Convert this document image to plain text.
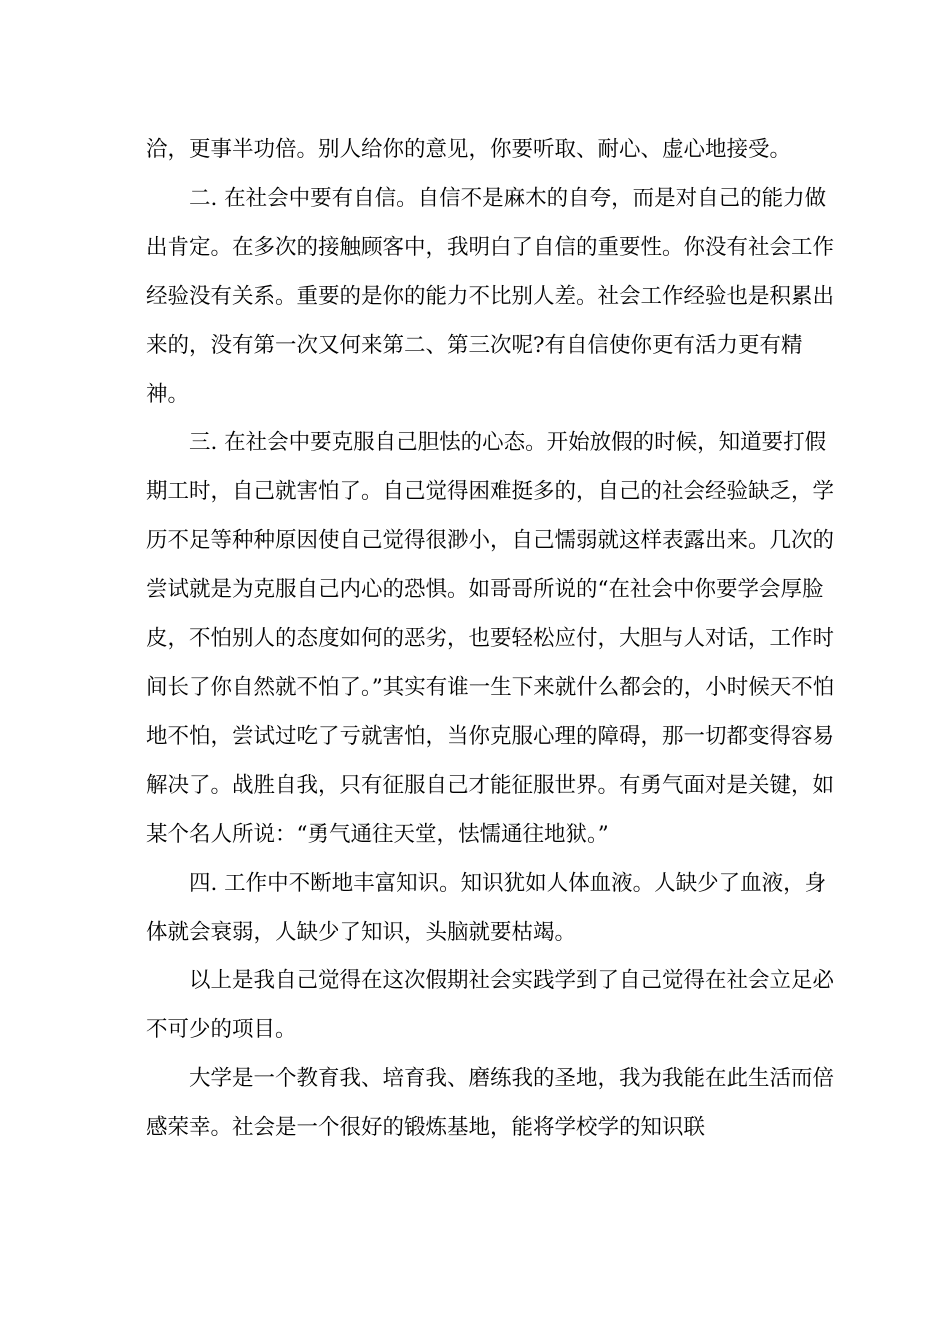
洽，更事半功倍。别人给你的意见，你要听取、耐心、虚心地接受。

二. 在社会中要有自信。自信不是麻木的自夸，而是对自己的能力做出肯定。在多次的接触顾客中，我明白了自信的重要性。你没有社会工作经验没有关系。重要的是你的能力不比别人差。社会工作经验也是积累出来的，没有第一次又何来第二、第三次呢?有自信使你更有活力更有精神。

三. 在社会中要克服自己胆怯的心态。开始放假的时候，知道要打假期工时，自己就害怕了。自己觉得困难挺多的，自己的社会经验缺乏，学历不足等种种原因使自己觉得很渺小，自己懦弱就这样表露出来。几次的尝试就是为克服自己内心的恐惧。如哥哥所说的“在社会中你要学会厚脸皮，不怕别人的态度如何的恶劣，也要轻松应付，大胆与人对话，工作时间长了你自然就不怕了。”其实有谁一生下来就什么都会的，小时候天不怕地不怕，尝试过吃了亏就害怕，当你克服心理的障碍，那一切都变得容易解决了。战胜自我，只有征服自己才能征服世界。有勇气面对是关键，如某个名人所说：“勇气通往天堂，怯懦通往地狱。”

四. 工作中不断地丰富知识。知识犹如人体血液。人缺少了血液，身体就会衰弱，人缺少了知识，头脑就要枯竭。

以上是我自己觉得在这次假期社会实践学到了自己觉得在社会立足必不可少的项目。

大学是一个教育我、培育我、磨练我的圣地，我为我能在此生活而倍感荣幸。社会是一个很好的锻炼基地，能将学校学的知识联
